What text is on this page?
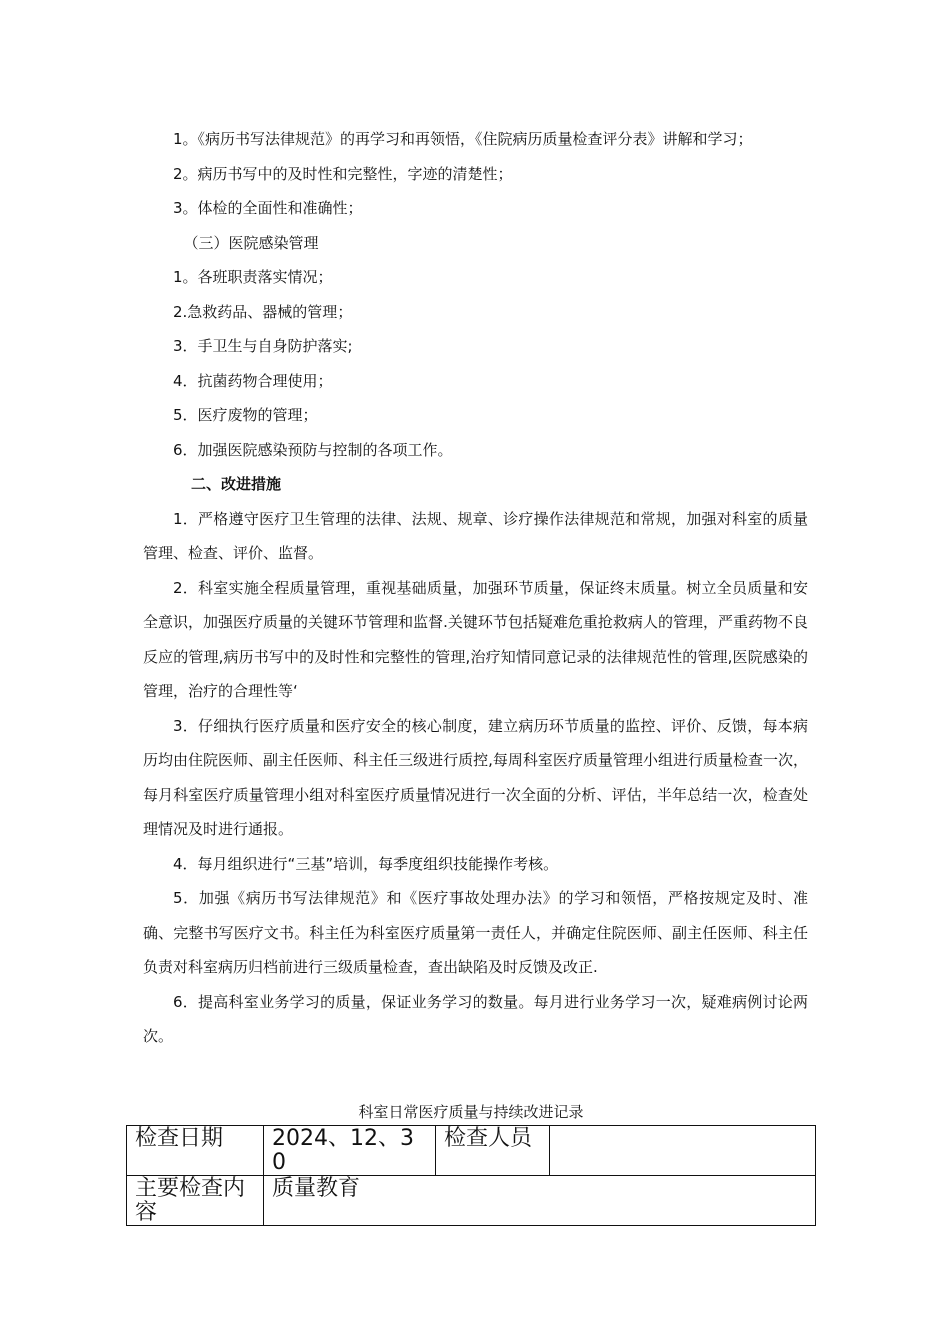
1。《病历书写法律规范》的再学习和再领悟，《住院病历质量检查评分表》讲解和学习；

2。病历书写中的及时性和完整性，字迹的清楚性；

3。体检的全面性和准确性；

（三）医院感染管理

1。各班职责落实情况；

2.急救药品、器械的管理；

3．手卫生与自身防护落实;

4．抗菌药物合理使用；

5．医疗废物的管理；

6．加强医院感染预防与控制的各项工作。

二、改进措施

1．严格遵守医疗卫生管理的法律、法规、规章、诊疗操作法律规范和常规，加强对科室的质量管理、检查、评价、监督。

2．科室实施全程质量管理，重视基础质量，加强环节质量，保证终末质量。树立全员质量和安全意识，加强医疗质量的关键环节管理和监督.关键环节包括疑难危重抢救病人的管理，严重药物不良反应的管理,病历书写中的及时性和完整性的管理,治疗知情同意记录的法律规范性的管理,医院感染的管理，治疗的合理性等‘

3．仔细执行医疗质量和医疗安全的核心制度，建立病历环节质量的监控、评价、反馈，每本病历均由住院医师、副主任医师、科主任三级进行质控,每周科室医疗质量管理小组进行质量检查一次，每月科室医疗质量管理小组对科室医疗质量情况进行一次全面的分析、评估，半年总结一次，检查处理情况及时进行通报。

4．每月组织进行“三基”培训，每季度组织技能操作考核。

5．加强《病历书写法律规范》和《医疗事故处理办法》的学习和领悟，严格按规定及时、准确、完整书写医疗文书。科主任为科室医疗质量第一责任人，并确定住院医师、副主任医师、科主任负责对科室病历归档前进行三级质量检查，查出缺陷及时反馈及改正.

6．提高科室业务学习的质量，保证业务学习的数量。每月进行业务学习一次，疑难病例讨论两次。

科室日常医疗质量与持续改进记录
检查日期	2024、12、30	检查人员	
主要检查内容	质量教育		
